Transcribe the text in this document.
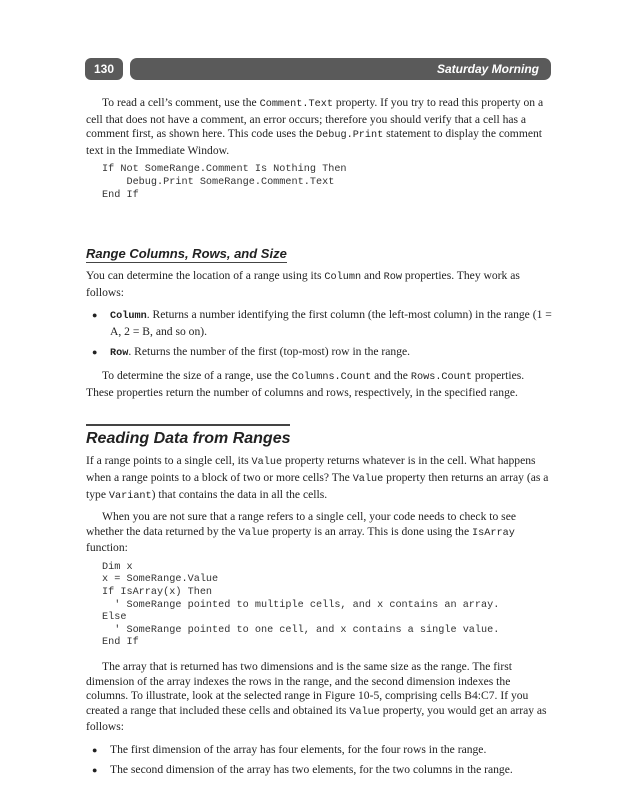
130	Saturday Morning

To read a cell’s comment, use the Comment.Text property. If you try to read this property on a cell that does not have a comment, an error occurs; therefore you should verify that a cell has a comment first, as shown here. This code uses the Debug.Print statement to display the comment text in the Immediate Window.

If Not SomeRange.Comment Is Nothing Then
Debug.Print SomeRange.Comment.Text
End If
Range Columns, Rows, and Size

You can determine the location of a range using its Column and Row properties. They work as follows:

● Column. Returns a number identifying the first column (the left-most column) in the range (1 = A, 2 = B, and so on).
● Row. Returns the number of the first (top-most) row in the range.

To determine the size of a range, use the Columns.Count and the Rows.Count properties. These properties return the number of columns and rows, respectively, in the specified range.

Reading Data from Ranges

If a range points to a single cell, its Value property returns whatever is in the cell. What happens when a range points to a block of two or more cells? The Value property then returns an array (as a type Variant) that contains the data in all the cells.

When you are not sure that a range refers to a single cell, your code needs to check to see whether the data returned by the Value property is an array. This is done using the IsArray function:

Dim x
x = SomeRange.Value
If IsArray(x) Then
' SomeRange pointed to multiple cells, and x contains an array.
Else
' SomeRange pointed to one cell, and x contains a single value.
End If

The array that is returned has two dimensions and is the same size as the range. The first dimension of the array indexes the rows in the range, and the second dimension indexes the columns. To illustrate, look at the selected range in Figure 10-5, comprising cells B4:C7. If you created a range that included these cells and obtained its Value property, you would get an array as follows:

● The first dimension of the array has four elements, for the four rows in the range.
● The second dimension of the array has two elements, for the two columns in the range.
